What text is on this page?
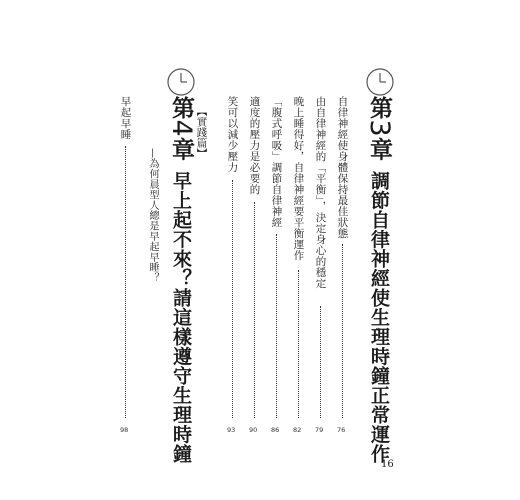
第3章調節自律神經使生理時鐘正常運作
自律神經使身體保持最佳狀態
由自律神經的「平衡」，決定身心的穩定
晚上睡得好，自律神經要平衡運作
「腹式呼吸」調節自律神經
適度的壓力是必要的
笑可以減少壓力
76
79
82
86
90
93
【實踐篇】
第4章早上起不來？請這樣遵守生理時鐘
—為何晨型人總是早起早睡？
早起早睡
98
16
